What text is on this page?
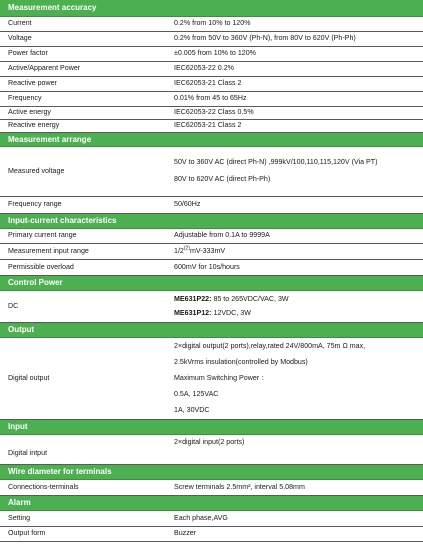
Measurement accuracy	
Current	0.2% from 10% to 120%
Voltage	0.2% from 50V to 360V (Ph-N), from 80V to 620V (Ph-Ph)
Power factor	±0.005 from 10% to 120%
Active/Apparent Power	IEC62053-22 0.2%
Reactive power	IEC62053-21 Class 2
Frequency	0.01% from 45 to 65Hz
Active energy	IEC62053-22 Class 0.5%
Reactive energy	IEC62053-21 Class 2
Measurement arrange	
Measured voltage	50V to 360V AC (direct Ph-N) ,999kV/100,110,115,120V (Via PT)
80V to 620V AC (direct Ph-Ph)

Frequency range	50/60Hz
Input-current characteristics	
Primary current range	Adjustable from 0.1A to 9999A
Measurement input range	1/2$^{(2)}$mV-333mV
Permissible overload	600mV for 10s/hours
Control Power	
DC	ME631P22: 85 to 265VDC/VAC, 3W
ME631P12: 12VDC, 3W

Output	
Digital output	2×digital output(2 ports),relay,rated 24V/800mA, 75m Ω max,
2.5kVrms insulation(controlled by Modbus)
Maximum Switching Power ：
0.5A, 125VAC
1A, 30VDC

Input	
Digital intput	2×digital input(2 ports)
Wire diameter for terminals	
Connections-terminals	Screw terminals 2.5mm², interval 5.08mm
Alarm	
Setting	Each phase,AVG
Output form	Buzzer
